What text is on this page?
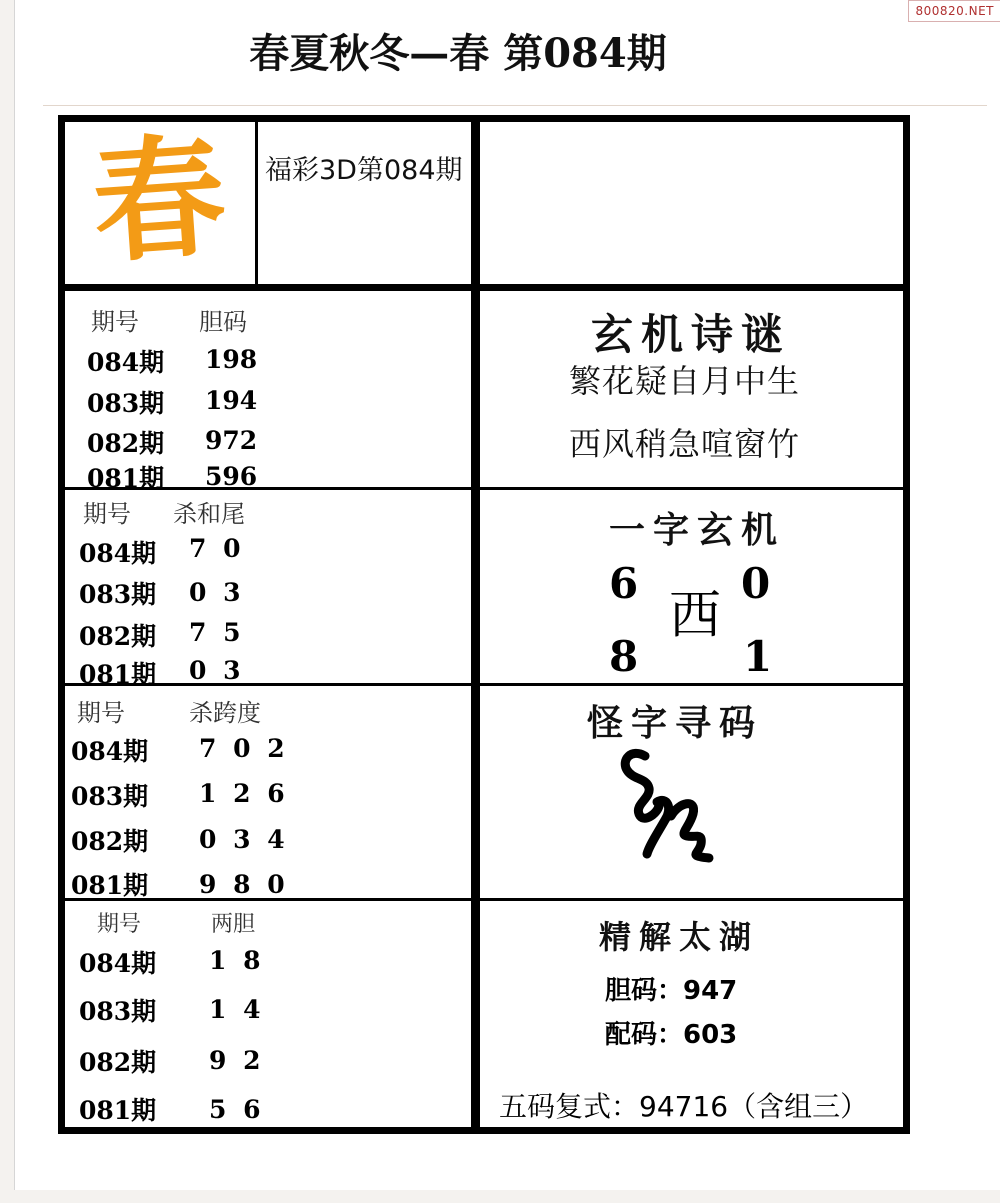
800820.NET
春夏秋冬—春 第084期
春 福彩3D第084期
期号	胆码
084期 198
083期 194
082期 972
081期 596
期号 杀和尾
084期 7 0
083期 0 3
082期 7 5
081期 0 3
期号	杀跨度
084期 7 0 2
083期 1 2 6
082期 0 3 4
081期 9 8 0
期号	两胆
084期 1 8
083期 1 4
082期 9 2
081期 5 6
玄机诗谜
繁花疑自月中生
西风稍急喧窗竹
一字玄机
6 0
西
8 1
怪字寻码
精解太湖
胆码：947
配码：603
五码复式：94716（含组三）
